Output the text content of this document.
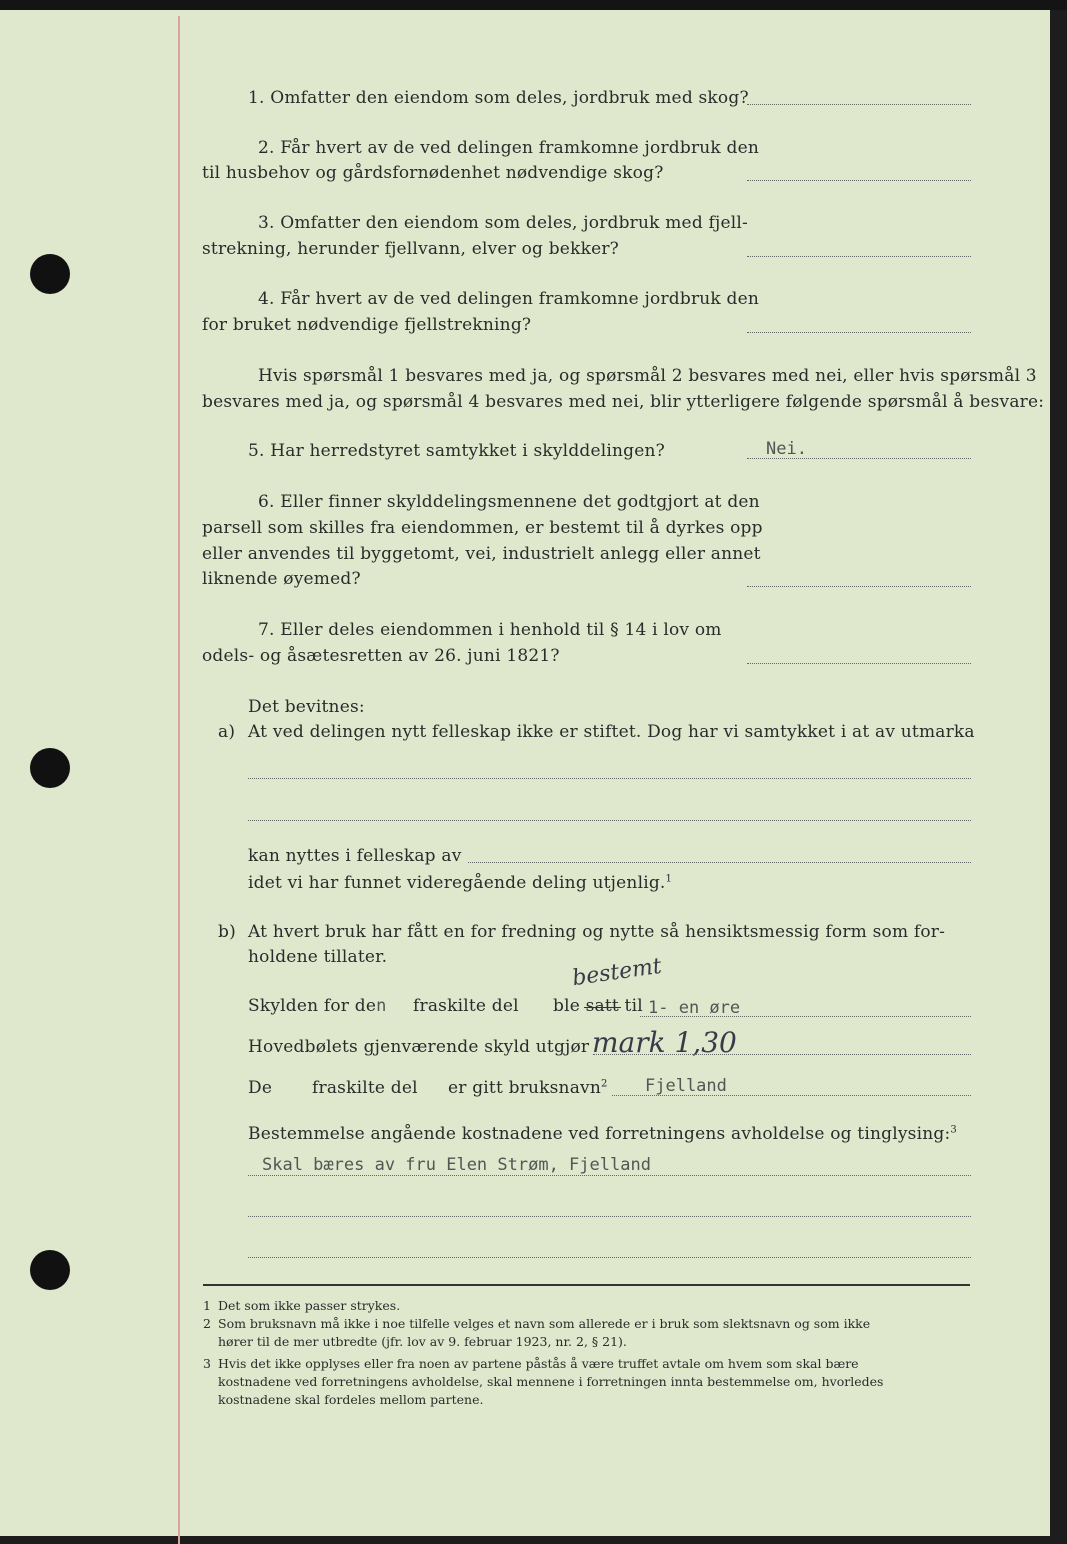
1. Omfatter den eiendom som deles, jordbruk med skog?
2. Får hvert av de ved delingen framkomne jordbruk den
til husbehov og gårdsfornødenhet nødvendige skog?
3. Omfatter den eiendom som deles, jordbruk med fjell-
strekning, herunder fjellvann, elver og bekker?
4. Får hvert av de ved delingen framkomne jordbruk den
for bruket nødvendige fjellstrekning?
Hvis spørsmål 1 besvares med ja, og spørsmål 2 besvares med nei, eller hvis spørsmål 3
besvares med ja, og spørsmål 4 besvares med nei, blir ytterligere følgende spørsmål å besvare:
5. Har herredstyret samtykket i skylddelingen?	Nei.
6. Eller finner skylddelingsmennene det godtgjort at den
parsell som skilles fra eiendommen, er bestemt til å dyrkes opp
eller anvendes til byggetomt, vei, industrielt anlegg eller annet
liknende øyemed?
7. Eller deles eiendommen i henhold til § 14 i lov om
odels- og åsætesretten av 26. juni 1821?
Det bevitnes:
a) At ved delingen nytt felleskap ikke er stiftet. Dog har vi samtykket i at av utmarka
kan nyttes i felleskap av
idet vi har funnet videregående deling utjenlig.$^1$
b) At hvert bruk har fått en for fredning og nytte så hensiktsmessig form som for-
holdene tillater.
Skylden for den fraskilte del ble satt til
bestemt
1- en øre
Hovedbølets gjenværende skyld utgjør mark 1,30
De fraskilte del er gitt bruksnavn$^2$ Fjelland
Bestemmelse angående kostnadene ved forretningens avholdelse og tinglysing:$^3$
Skal bæres av fru Elen Strøm, Fjelland
1 Det som ikke passer strykes.
2 Som bruksnavn må ikke i noe tilfelle velges et navn som allerede er i bruk som slektsnavn og som ikke
hører til de mer utbredte (jfr. lov av 9. februar 1923, nr. 2, § 21).
3 Hvis det ikke opplyses eller fra noen av partene påstås å være truffet avtale om hvem som skal bære
kostnadene ved forretningens avholdelse, skal mennene i forretningen innta bestemmelse om, hvorledes
kostnadene skal fordeles mellom partene.
